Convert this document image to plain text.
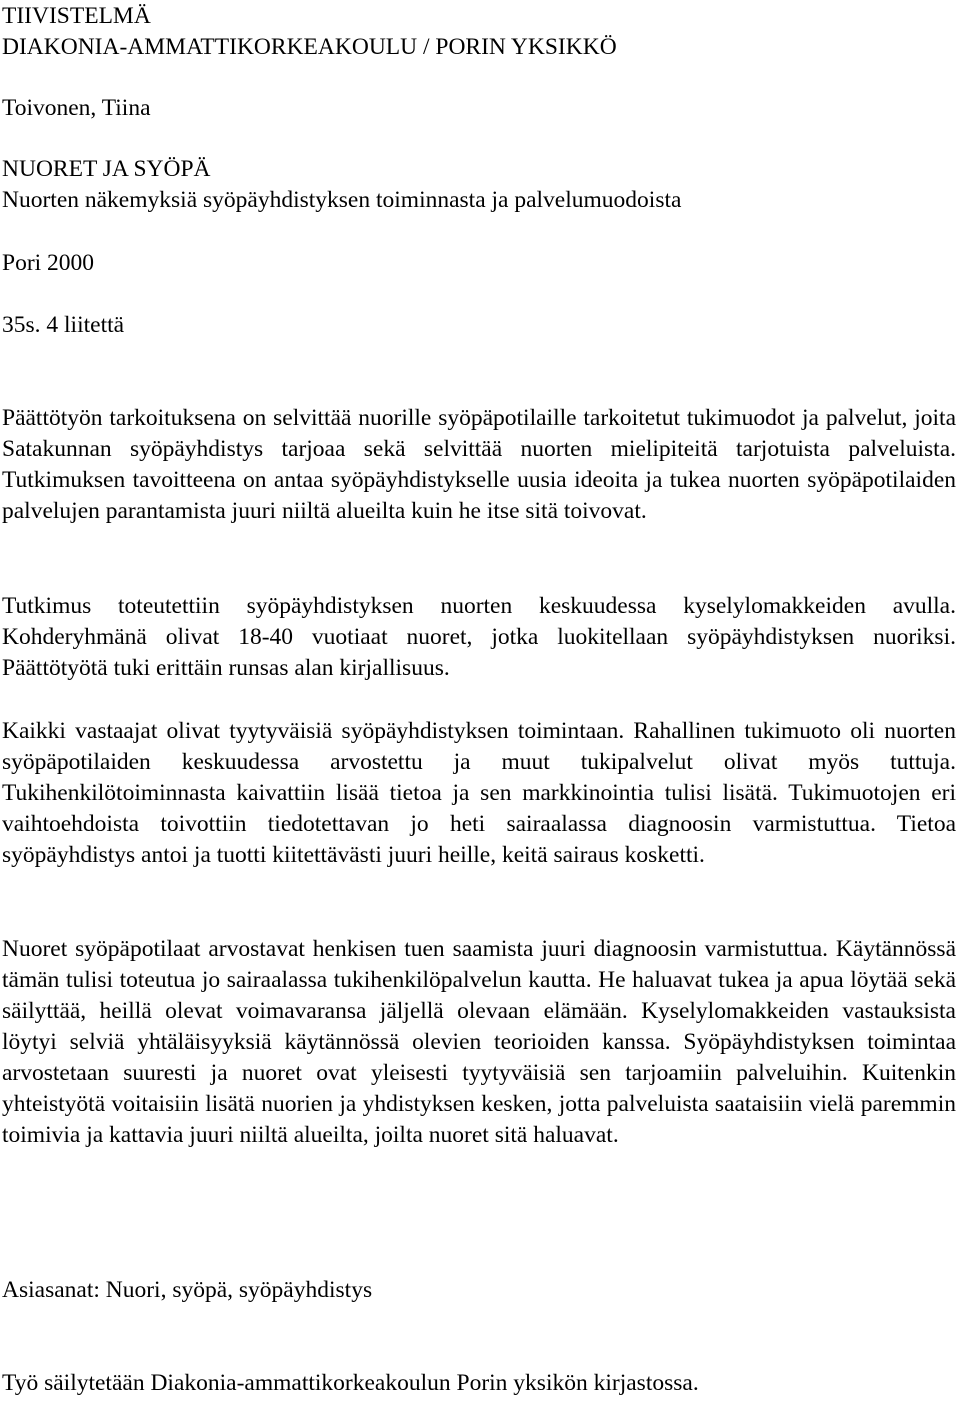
TIIVISTELMÄ
DIAKONIA-AMMATTIKORKEAKOULU / PORIN YKSIKKÖ
Toivonen, Tiina
NUORET JA SYÖPÄ
Nuorten näkemyksiä syöpäyhdistyksen toiminnasta ja palvelumuodoista
Pori 2000
35s. 4 liitettä

Päättötyön tarkoituksena on selvittää nuorille syöpäpotilaille tarkoitetut tukimuodot ja palvelut, joita Satakunnan syöpäyhdistys tarjoaa sekä selvittää nuorten mielipiteitä tarjotuista palveluista. Tutkimuksen tavoitteena on antaa syöpäyhdistykselle uusia ideoita ja tukea nuorten syöpäpotilaiden palvelujen parantamista juuri niiltä alueilta kuin he itse sitä toivovat.

Tutkimus toteutettiin syöpäyhdistyksen nuorten keskuudessa kyselylomakkeiden avulla. Kohderyhmänä olivat 18-40 vuotiaat nuoret, jotka luokitellaan syöpäyhdistyksen nuoriksi. Päättötyötä tuki erittäin runsas alan kirjallisuus.

Kaikki vastaajat olivat tyytyväisiä syöpäyhdistyksen toimintaan. Rahallinen tukimuoto oli nuorten syöpäpotilaiden keskuudessa arvostettu ja muut tukipalvelut olivat myös tuttuja. Tukihenkilötoiminnasta kaivattiin lisää tietoa ja sen markkinointia tulisi lisätä. Tukimuotojen eri vaihtoehdoista toivottiin tiedotettavan jo heti sairaalassa diagnoosin varmistuttua. Tietoa syöpäyhdistys antoi ja tuotti kiitettävästi juuri heille, keitä sairaus kosketti.

Nuoret syöpäpotilaat arvostavat henkisen tuen saamista juuri diagnoosin varmistuttua. Käytännössä tämän tulisi toteutua jo sairaalassa tukihenkilöpalvelun kautta. He haluavat tukea ja apua löytää sekä säilyttää, heillä olevat voimavaransa jäljellä olevaan elämään. Kyselylomakkeiden vastauksista löytyi selviä yhtäläisyyksiä käytännössä olevien teorioiden kanssa. Syöpäyhdistyksen toimintaa arvostetaan suuresti ja nuoret ovat yleisesti tyytyväisiä sen tarjoamiin palveluihin. Kuitenkin yhteistyötä voitaisiin lisätä nuorien ja yhdistyksen kesken, jotta palveluista saataisiin vielä paremmin toimivia ja kattavia juuri niiltä alueilta, joilta nuoret sitä haluavat.

Asiasanat: Nuori, syöpä, syöpäyhdistys
Työ säilytetään Diakonia-ammattikorkeakoulun Porin yksikön kirjastossa.
